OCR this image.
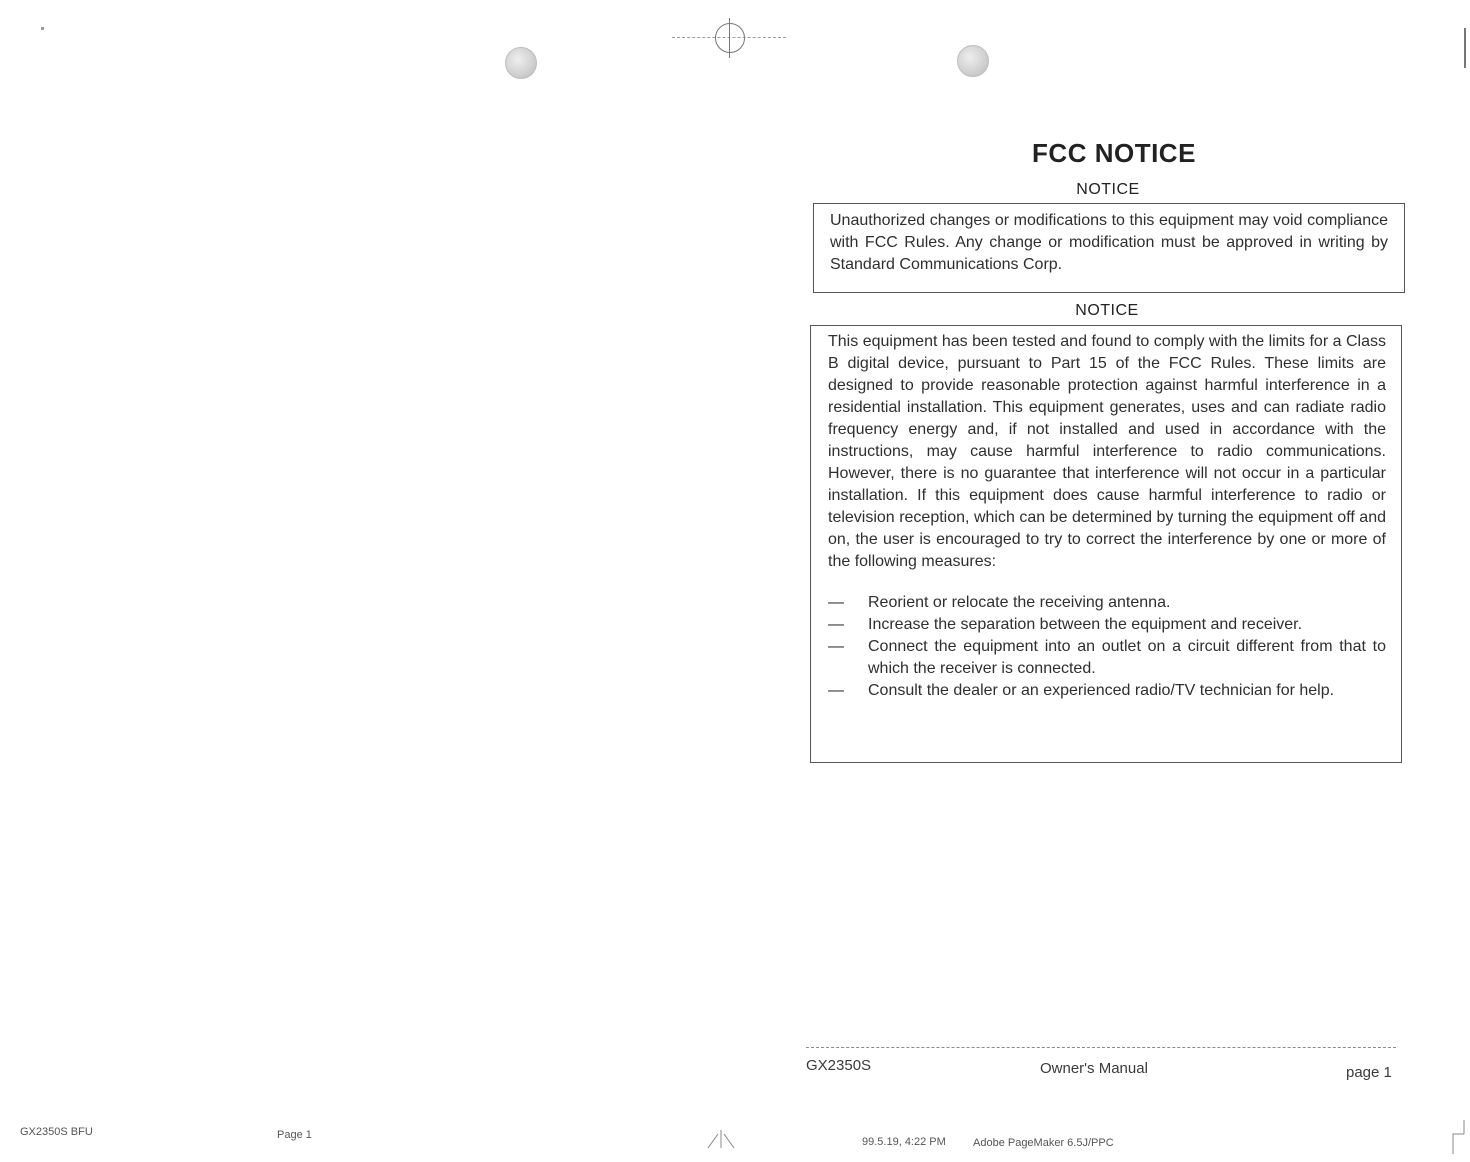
FCC NOTICE
NOTICE

Unauthorized changes or modifications to this equipment may void compliance with FCC Rules. Any change or modification must be approved in writing by Standard Communications Corp.

NOTICE

This equipment has been tested and found to comply with the limits for a Class B digital device, pursuant to Part 15 of the FCC Rules. These limits are designed to provide reasonable protection against harmful interference in a residential installation. This equipment generates, uses and can radiate radio frequency energy and, if not installed and used in accordance with the instructions, may cause harmful interference to radio communications. However, there is no guarantee that interference will not occur in a particular installation. If this equipment does cause harmful interference to radio or television reception, which can be determined by turning the equipment off and on, the user is encouraged to try to correct the interference by one or more of the following measures:

—	Reorient or relocate the receiving antenna.
—	Increase the separation between the equipment and receiver.
—	Connect the equipment into an outlet on a circuit different from that to which the receiver is connected.
—	Consult the dealer or an experienced radio/TV technician for help.
GX2350S	Owner's Manual	page 1
GX2350S BFU	Page 1
99.5.19, 4:22 PM Adobe PageMaker 6.5J/PPC
